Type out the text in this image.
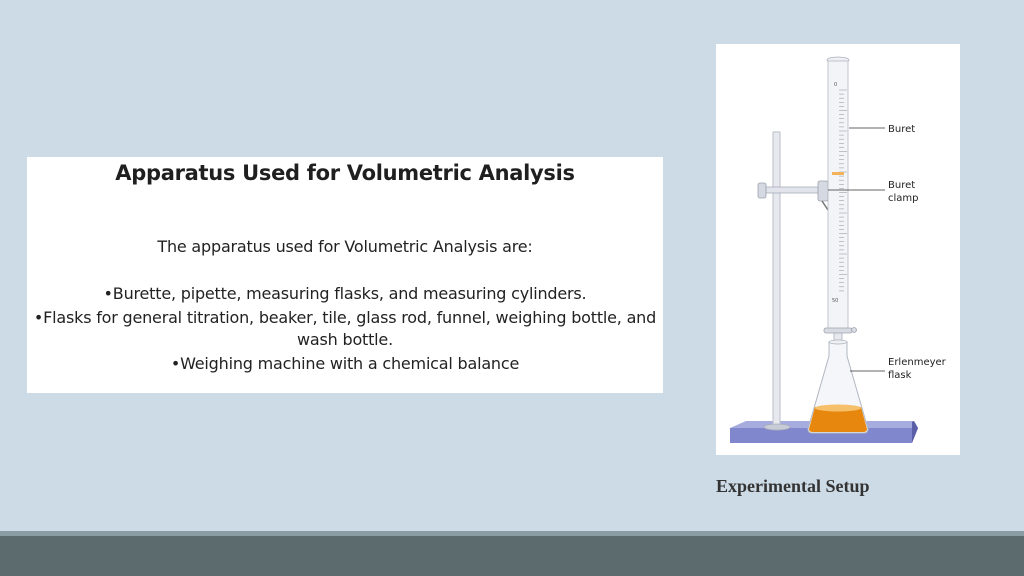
Apparatus Used for Volumetric Analysis

The apparatus used for Volumetric Analysis are:

• Burette, pipette, measuring flasks, and measuring cylinders.
• Flasks for general titration, beaker, tile, glass rod, funnel, weighing bottle, and wash bottle.
• Weighing machine with a chemical balance
0
50
Buret
Buret
clamp
Erlenmeyer
flask
Experimental Setup
